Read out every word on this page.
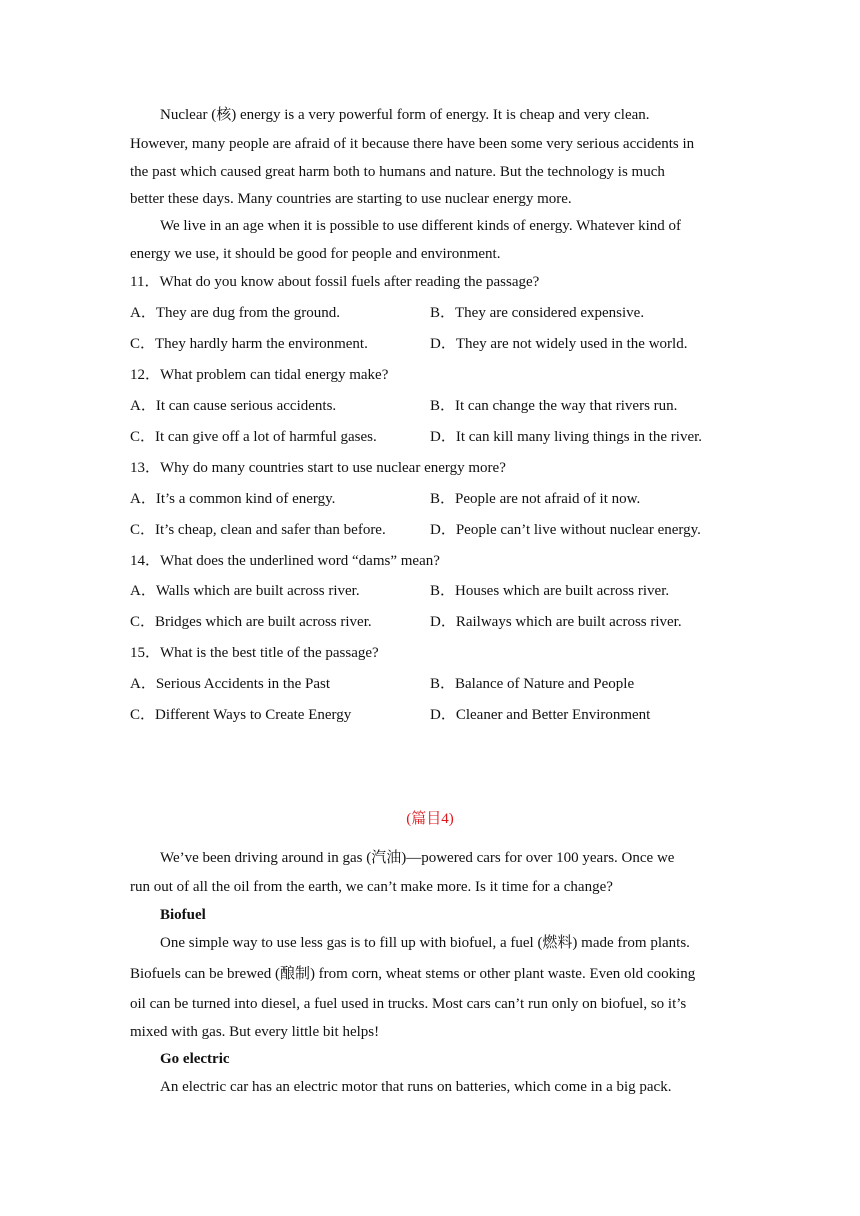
Nuclear (核) energy is a very powerful form of energy. It is cheap and very clean.
However, many people are afraid of it because there have been some very serious accidents in
the past which caused great harm both to humans and nature. But the technology is much
better these days. Many countries are starting to use nuclear energy more.
We live in an age when it is possible to use different kinds of energy. Whatever kind of
energy we use, it should be good for people and environment.
11．What do you know about fossil fuels after reading the passage?
A．They are dug from the ground.	B．They are considered expensive.
C．They hardly harm the environment.	D．They are not widely used in the world.
12．What problem can tidal energy make?
A．It can cause serious accidents.	B．It can change the way that rivers run.
C．It can give off a lot of harmful gases.	D．It can kill many living things in the river.
13．Why do many countries start to use nuclear energy more?
A．It’s a common kind of energy.	B．People are not afraid of it now.
C．It’s cheap, clean and safer than before.	D．People can’t live without nuclear energy.
14．What does the underlined word “dams” mean?
A．Walls which are built across river.	B．Houses which are built across river.
C．Bridges which are built across river.	D．Railways which are built across river.
15．What is the best title of the passage?
A．Serious Accidents in the Past	B．Balance of Nature and People
C．Different Ways to Create Energy	D．Cleaner and Better Environment
(篇目4)
We’ve been driving around in gas (汽油)—powered cars for over 100 years. Once we
run out of all the oil from the earth, we can’t make more. Is it time for a change?
Biofuel
One simple way to use less gas is to fill up with biofuel, a fuel (燃料) made from plants.
Biofuels can be brewed (酿制) from corn, wheat stems or other plant waste. Even old cooking
oil can be turned into diesel, a fuel used in trucks. Most cars can’t run only on biofuel, so it’s
mixed with gas. But every little bit helps!
Go electric
An electric car has an electric motor that runs on batteries, which come in a big pack.
